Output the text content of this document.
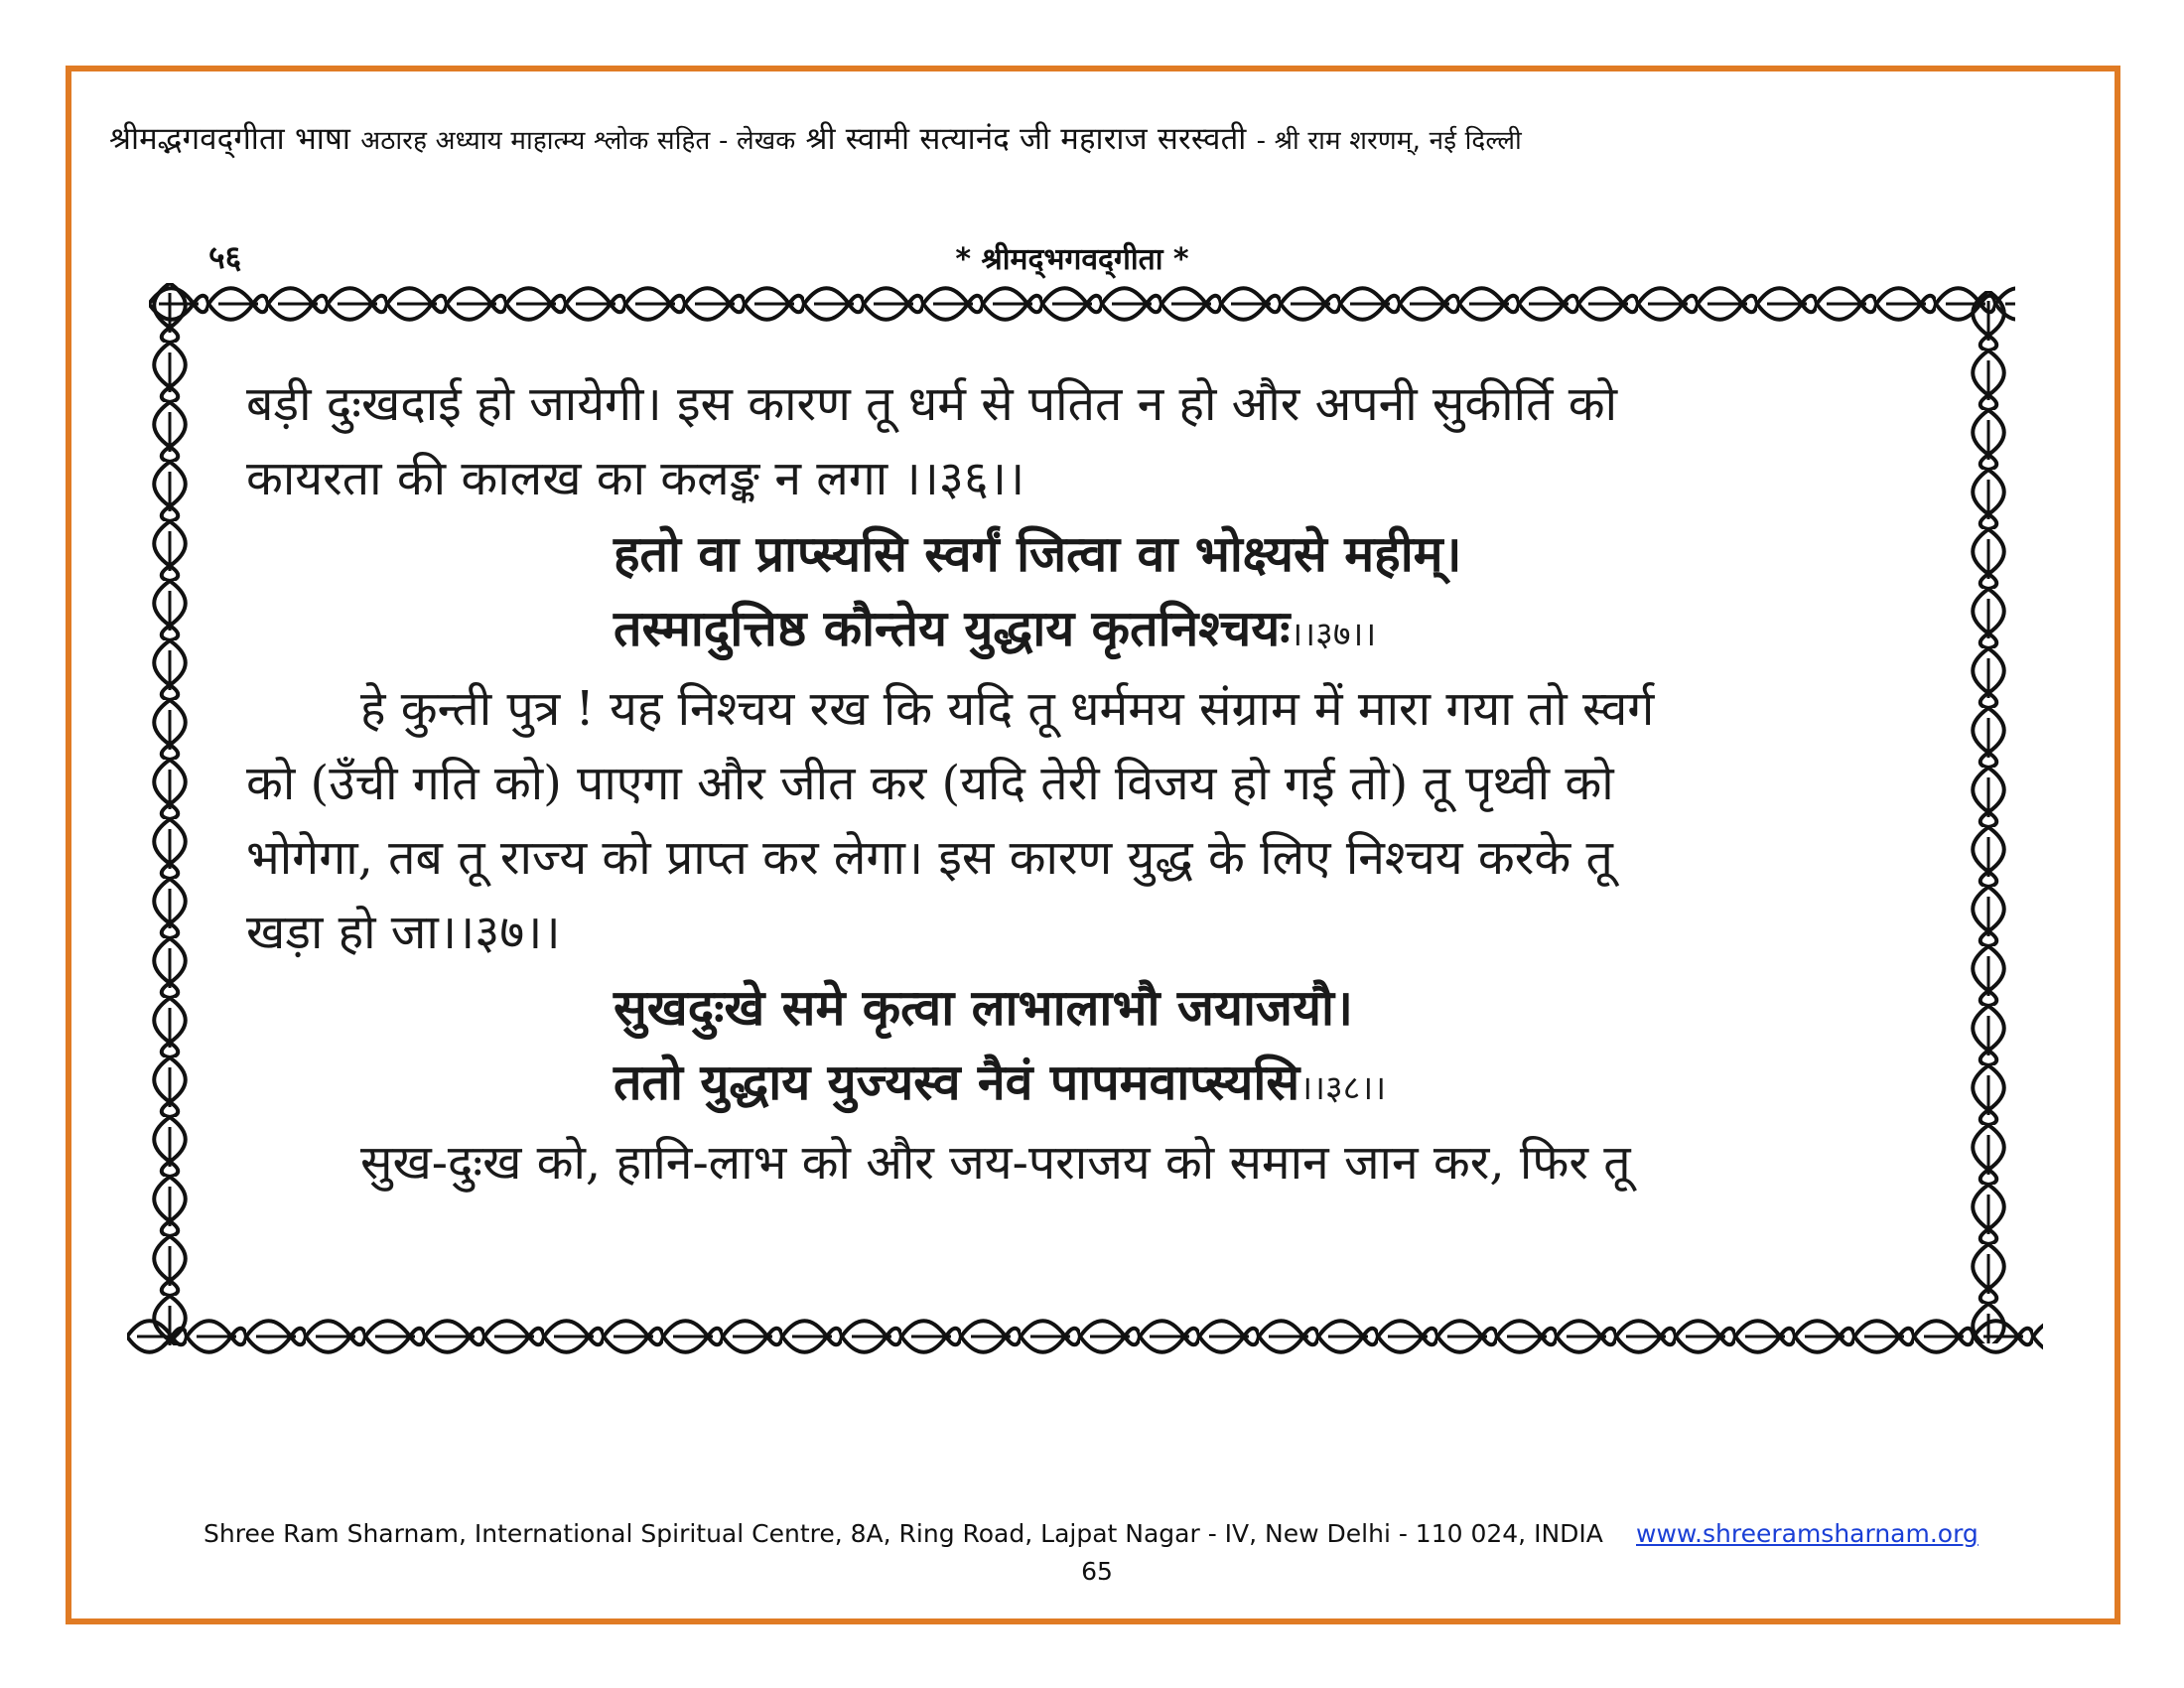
श्रीमद्भगवद्‌गीता भाषा अठारह अध्याय माहात्म्य श्लोक सहित - लेखक श्री स्वामी सत्यानंद जी महाराज सरस्वती - श्री राम शरणम्, नई दिल्ली
५६	* श्रीमद्‌भगवद्‌गीता *

बड़ी दुःखदाई हो जायेगी। इस कारण तू धर्म से पतित न हो और अपनी सुकीर्ति को
कायरता की कालख का कलङ्क न लगा ।।३६।।

हतो वा प्राप्स्यसि स्वर्गं जित्वा वा भोक्ष्यसे महीम्।
तस्मादुत्तिष्ठ कौन्तेय युद्धाय कृतनिश्चयः।।३७।।

हे कुन्ती पुत्र ! यह निश्चय रख कि यदि तू धर्ममय संग्राम में मारा गया तो स्वर्ग
को (उँची गति को) पाएगा और जीत कर (यदि तेरी विजय हो गई तो) तू पृथ्वी को
भोगेगा, तब तू राज्य को प्राप्त कर लेगा। इस कारण युद्ध के लिए निश्चय करके तू
खड़ा हो जा।।३७।।

सुखदुःखे समे कृत्वा लाभालाभौ जयाजयौ।
ततो युद्धाय युज्यस्व नैवं पापमवाप्स्यसि।।३८।।

सुख-दुःख को, हानि-लाभ को और जय-पराजय को समान जान कर, फिर तू

Shree Ram Sharnam, International Spiritual Centre, 8A, Ring Road, Lajpat Nagar - IV, New Delhi - 110 024, INDIA www.shreeramsharnam.org
65
